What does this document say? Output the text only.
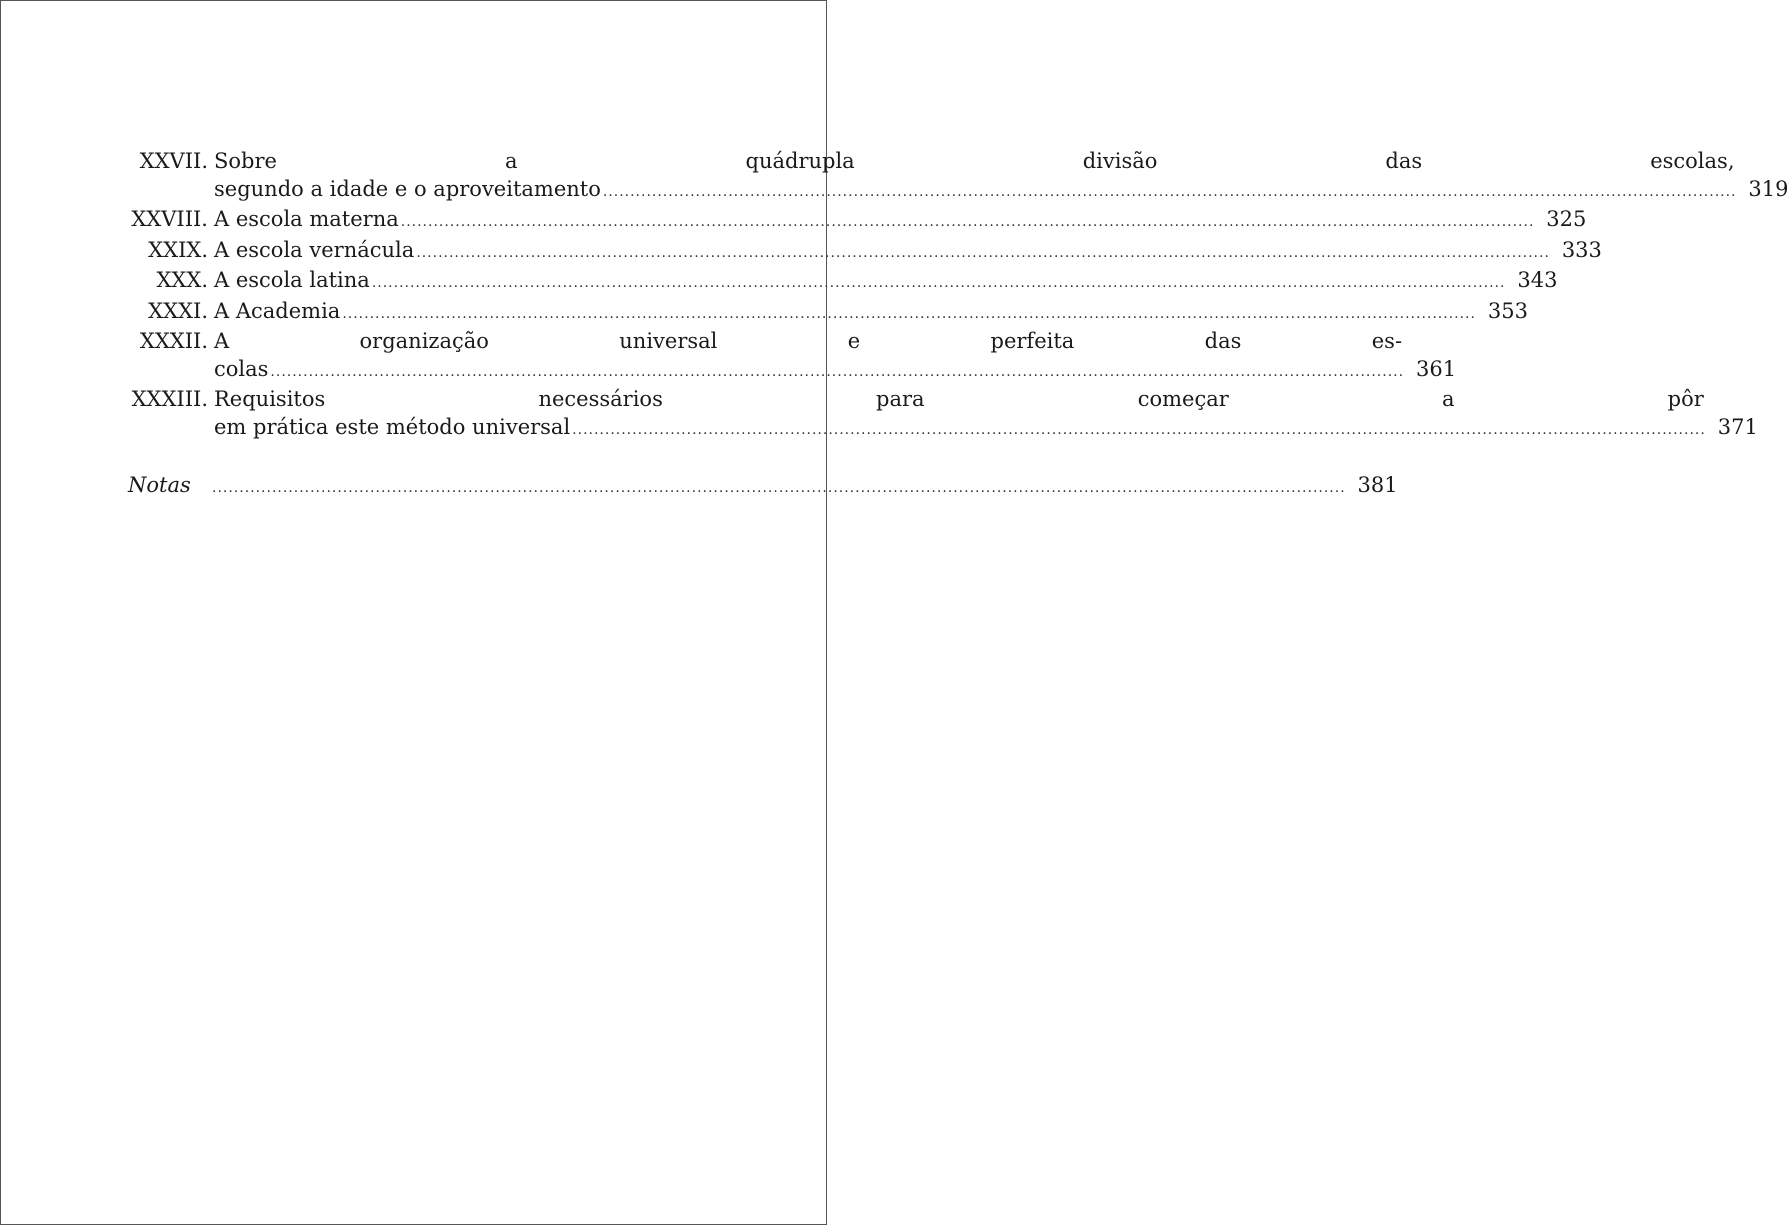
XXVII. Sobre a quádrupla divisão das escolas,
segundo a idade e o aproveitamento .....	319
XXVIII. A escola materna .....	325
XXIX. A escola vernácula .....	333
XXX. A escola latina .....	343
XXXI. A Academia .....	353
XXXII. A organização universal e perfeita das es-
colas .....	361
XXXIII. Requisitos necessários para começar a pôr
em prática este método universal .....	371
Notas .....	381
